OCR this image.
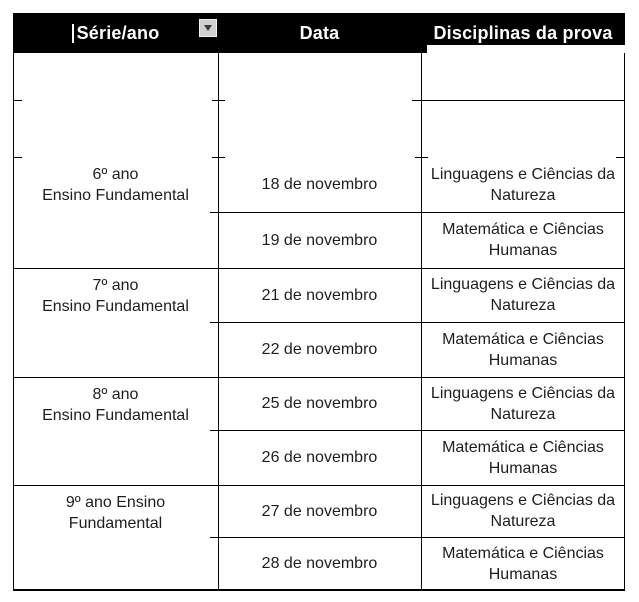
Série/ano	Data	Disciplinas da prova
6º ano
Ensino Fundamental
7º ano
Ensino Fundamental
8º ano
Ensino Fundamental
9º ano Ensino
Fundamental
18 de novembro
19 de novembro
21 de novembro
22 de novembro
25 de novembro
26 de novembro
27 de novembro
28 de novembro
Linguagens e Ciências da
Natureza
Matemática e Ciências
Humanas
Linguagens e Ciências da
Natureza
Matemática e Ciências
Humanas
Linguagens e Ciências da
Natureza
Matemática e Ciências
Humanas
Linguagens e Ciências da
Natureza
Matemática e Ciências
Humanas
